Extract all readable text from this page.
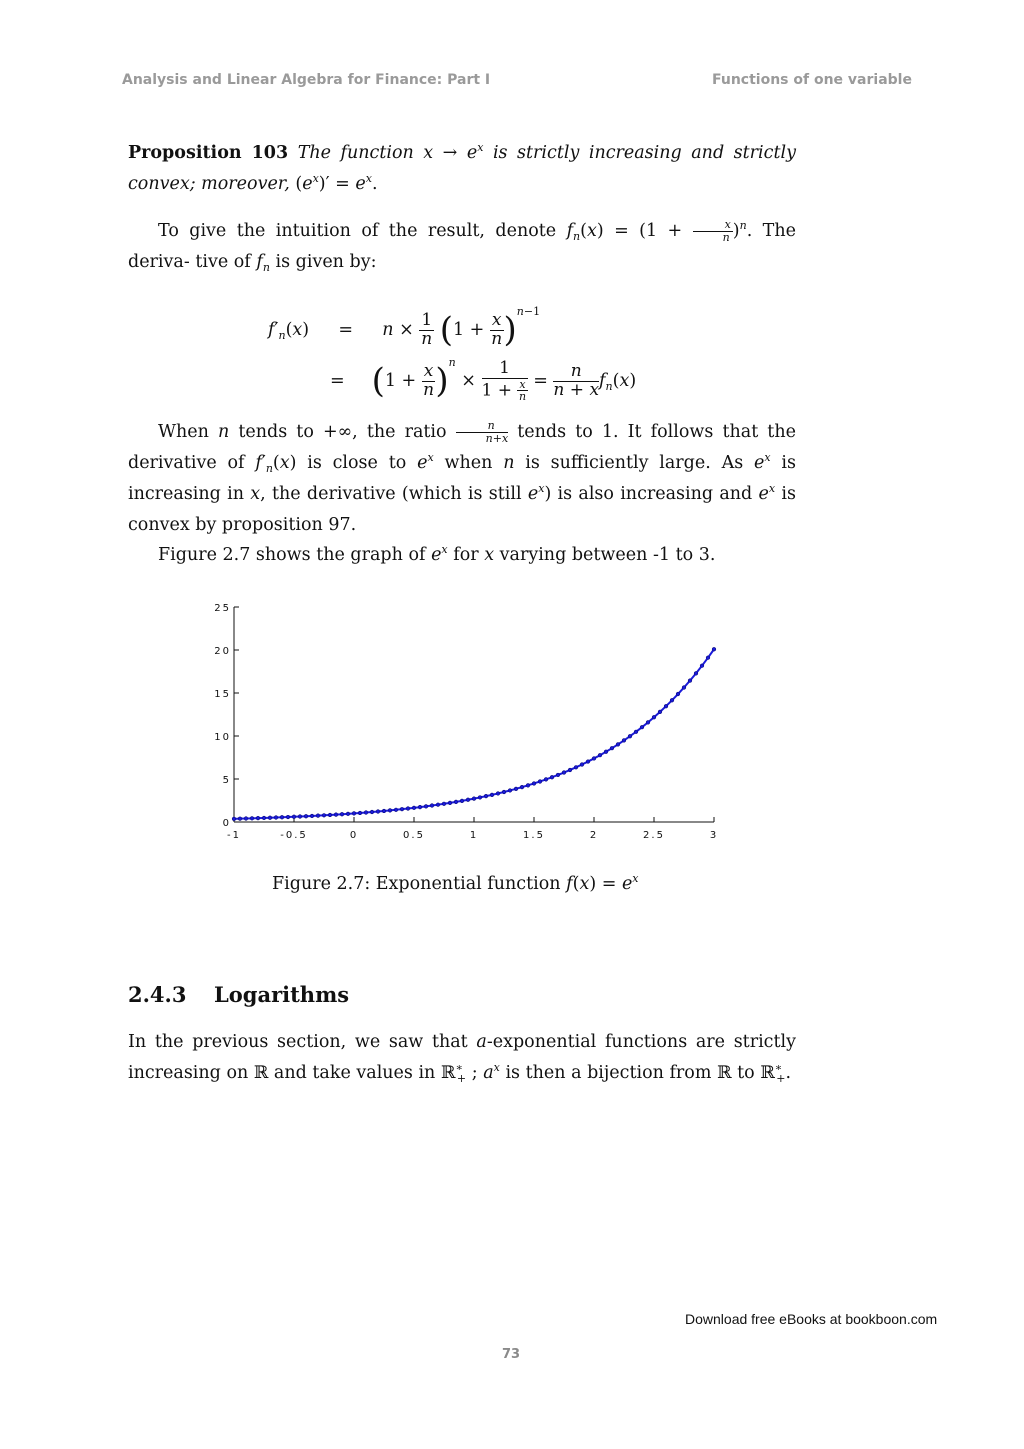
Analysis and Linear Algebra for Finance: Part I	Functions of one variable
Proposition 103 The function $x \to e^x$ is strictly increasing and strictly convex; moreover, $(e^x)' = e^x$.
To give the intuition of the result, denote $f_n(x) = (1 + \frac{x}{n} )^n$. The deriva- tive of $f_n$ is given by:
$f'_n(x) = n \times \frac{1}{n} (1 + \frac{x}{n} )^{n-1}$
= $(1 + \frac{x}{n} )^n \times \frac{1}{1 + \frac{x}{n}} = \frac{n}{n + x} f_n(x)$
When n tends to +∞, the ratio $\frac{n}{n+x}$ tends to 1. It follows that the derivative of $f'_n(x)$ is close to $e^x$ when n is sufficiently large. As $e^x$ is increasing in x, the derivative (which is still $e^x$) is also increasing and $e^x$ is convex by proposition 97.
Figure 2.7 shows the graph of $e^x$ for x varying between -1 to 3.
0
5
10
15
20
25
-1	-0.5	0	0.5	1	1.5	2	2.5	3
Figure 2.7: Exponential function $f(x) = e^x$
2.4.3 Logarithms
In the previous section, we saw that a-exponential functions are strictly increasing on ℝ and take values in ℝ∗$_+$ ; $a^x$ is then a bijection from ℝ to ℝ∗$_+$.
Download free eBooks at bookboon.com
73
